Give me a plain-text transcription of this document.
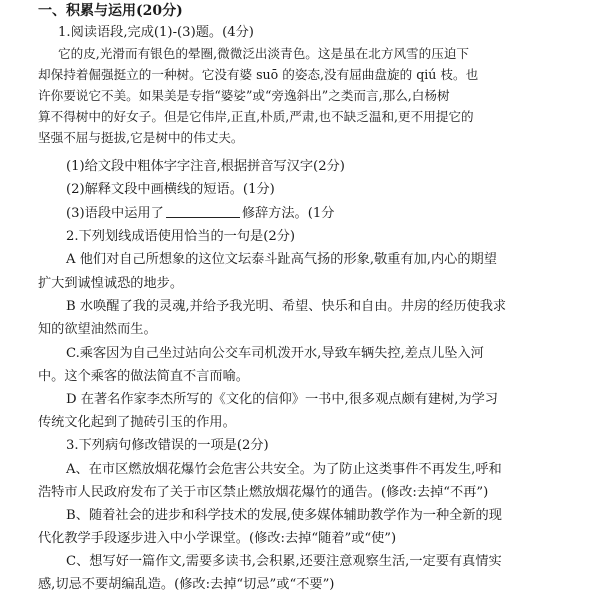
一、积累与运用(20分)
1.阅读语段,完成(1)-(3)题。(4分)
它的皮,光滑而有银色的晕圈,微微泛出淡青色。这是虽在北方风雪的压迫下
却保持着倔强挺立的一种树。它没有婆 suō 的姿态,没有屈曲盘旋的 qiú 枝。也
许你要说它不美。如果美是专指“婆娑”或“旁逸斜出”之类而言,那么,白杨树
算不得树中的好女子。但是它伟岸,正直,朴质,严肃,也不缺乏温和,更不用提它的
坚强不屈与挺拔,它是树中的伟丈夫。
(1)给文段中粗体字字注音,根据拼音写汉字(2分)
(2)解释文段中画横线的短语。(1分)
(3)语段中运用了	修辞方法。(1分
2.下列划线成语使用恰当的一句是(2分)
A 他们对自己所想象的这位文坛泰斗趾高气扬的形象,敬重有加,内心的期望
扩大到诚惶诚恐的地步。
B 水唤醒了我的灵魂,并给予我光明、希望、快乐和自由。井房的经历使我求
知的欲望油然而生。
C.乘客因为自己坐过站向公交车司机泼开水,导致车辆失控,差点儿坠入河
中。这个乘客的做法简直不言而喻。
D 在著名作家李杰所写的《文化的信仰》一书中,很多观点颇有建树,为学习
传统文化起到了抛砖引玉的作用。
3.下列病句修改错误的一项是(2分)
A、在市区燃放烟花爆竹会危害公共安全。为了防止这类事件不再发生,呼和
浩特市人民政府发布了关于市区禁止燃放烟花爆竹的通告。(修改:去掉“不再”)
B、随着社会的进步和科学技术的发展,使多媒体辅助教学作为一种全新的现
代化教学手段逐步进入中小学课堂。(修改:去掉“随着”或“使”)
C、想写好一篇作文,需要多读书,会积累,还要注意观察生活,一定要有真情实
感,切忌不要胡编乱造。(修改:去掉“切忌”或“不要”)
